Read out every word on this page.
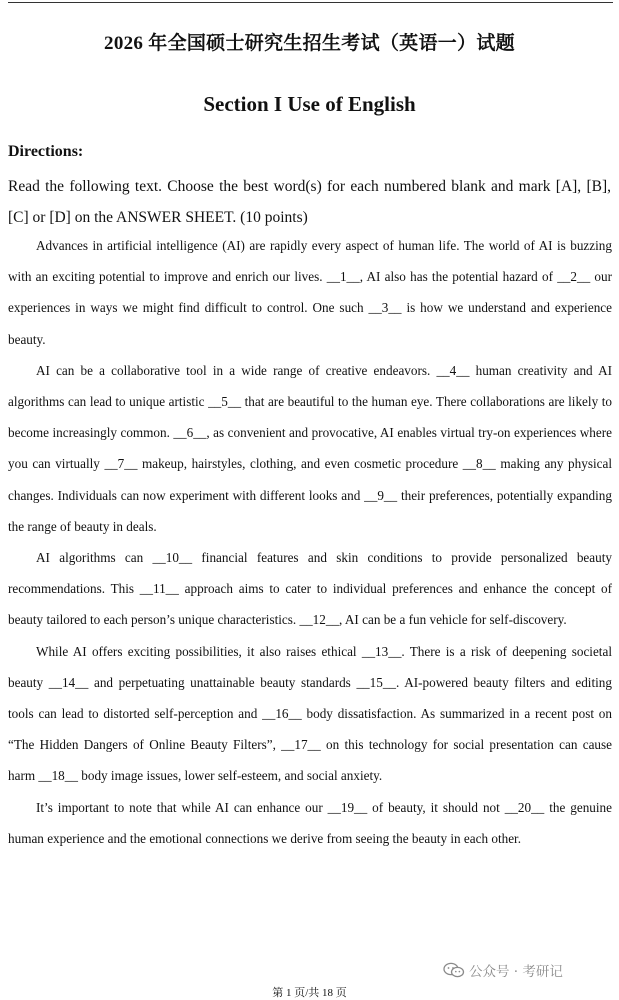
2026 年全国硕士研究生招生考试（英语一）试题
Section I Use of English
Directions:
Read the following text. Choose the best word(s) for each numbered blank and mark [A], [B], [C] or [D] on the ANSWER SHEET. (10 points)

Advances in artificial intelligence (AI) are rapidly every aspect of human life. The world of AI is buzzing with an exciting potential to improve and enrich our lives. __1__, AI also has the potential hazard of __2__ our experiences in ways we might find difficult to control. One such __3__ is how we understand and experience beauty.

AI can be a collaborative tool in a wide range of creative endeavors. __4__ human creativity and AI algorithms can lead to unique artistic __5__ that are beautiful to the human eye. There collaborations are likely to become increasingly common. __6__, as convenient and provocative, AI enables virtual try-on experiences where you can virtually __7__ makeup, hairstyles, clothing, and even cosmetic procedure __8__ making any physical changes. Individuals can now experiment with different looks and __9__ their preferences, potentially expanding the range of beauty in deals.

AI algorithms can __10__ financial features and skin conditions to provide personalized beauty recommendations. This __11__ approach aims to cater to individual preferences and enhance the concept of beauty tailored to each person’s unique characteristics. __12__, AI can be a fun vehicle for self-discovery.

While AI offers exciting possibilities, it also raises ethical __13__. There is a risk of deepening societal beauty __14__ and perpetuating unattainable beauty standards __15__. AI-powered beauty filters and editing tools can lead to distorted self-perception and __16__ body dissatisfaction. As summarized in a recent post on “The Hidden Dangers of Online Beauty Filters”, __17__ on this technology for social presentation can cause harm __18__ body image issues, lower self-esteem, and social anxiety.

It’s important to note that while AI can enhance our __19__ of beauty, it should not __20__ the genuine human experience and the emotional connections we derive from seeing the beauty in each other.

公众号 · 考研记
第 1 页/共 18 页
